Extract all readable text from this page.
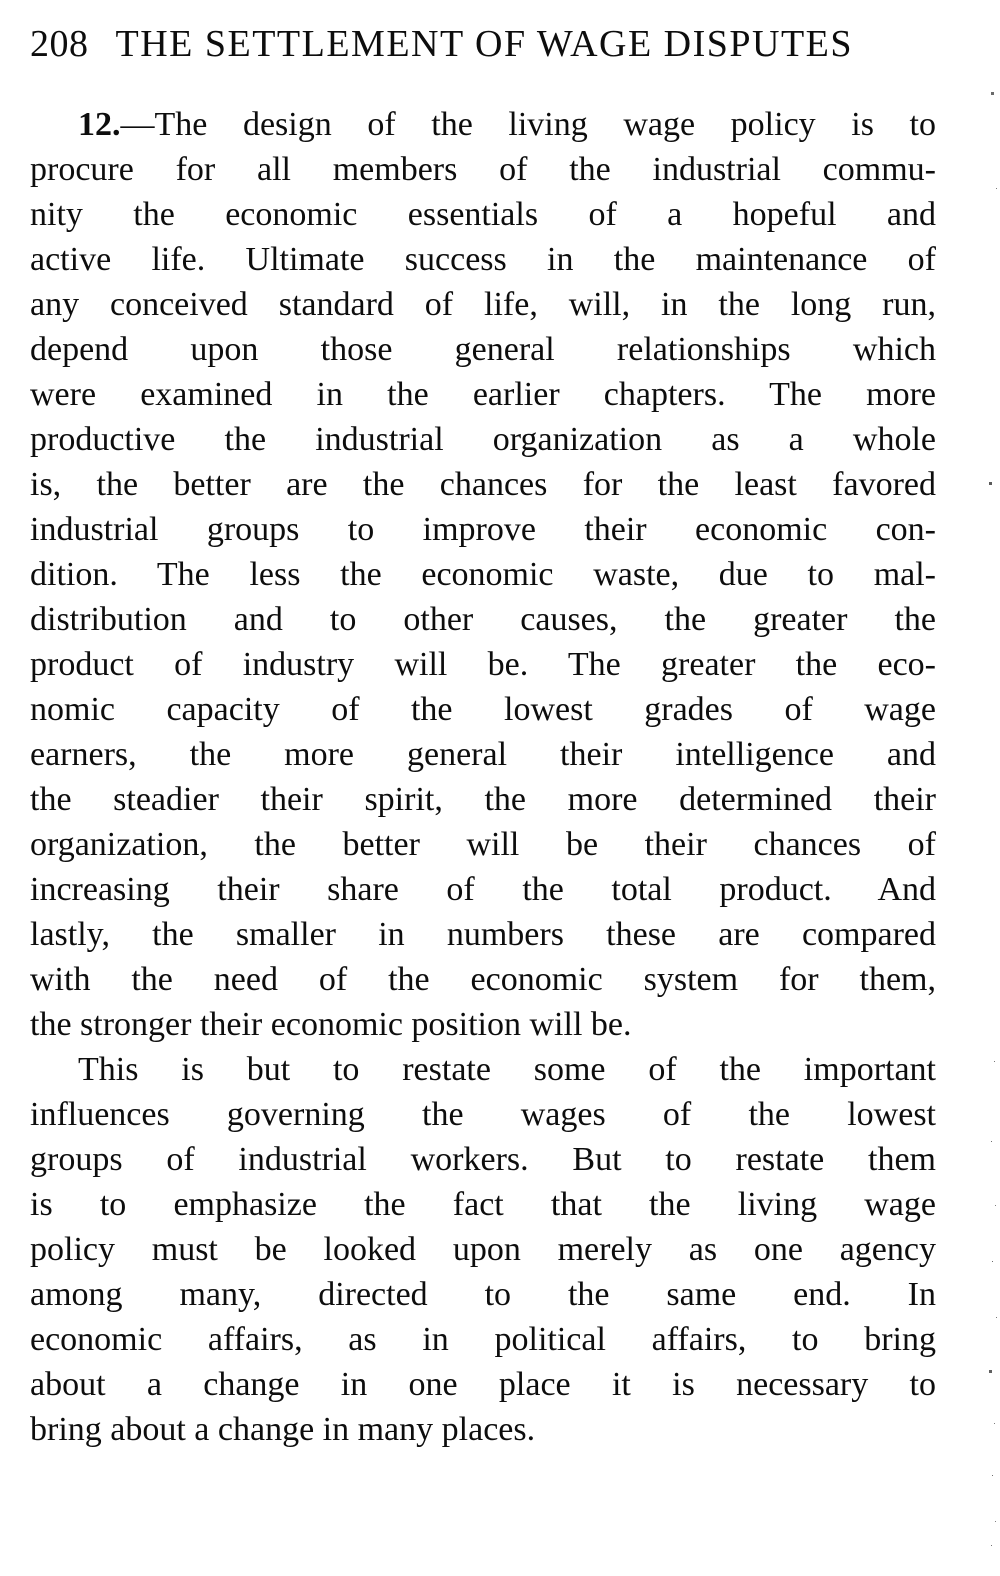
208 THE SETTLEMENT OF WAGE DISPUTES
12.—The design of the living wage policy is to
procure for all members of the industrial commu-
nity the economic essentials of a hopeful and
active life. Ultimate success in the maintenance of
any conceived standard of life, will, in the long run,
depend upon those general relationships which
were examined in the earlier chapters. The more
productive the industrial organization as a whole
is, the better are the chances for the least favored
industrial groups to improve their economic con-
dition. The less the economic waste, due to mal-
distribution and to other causes, the greater the
product of industry will be. The greater the eco-
nomic capacity of the lowest grades of wage
earners, the more general their intelligence and
the steadier their spirit, the more determined their
organization, the better will be their chances of
increasing their share of the total product. And
lastly, the smaller in numbers these are compared
with the need of the economic system for them,
the stronger their economic position will be.
This is but to restate some of the important
influences governing the wages of the lowest
groups of industrial workers. But to restate them
is to emphasize the fact that the living wage
policy must be looked upon merely as one agency
among many, directed to the same end. In
economic affairs, as in political affairs, to bring
about a change in one place it is necessary to
bring about a change in many places.
